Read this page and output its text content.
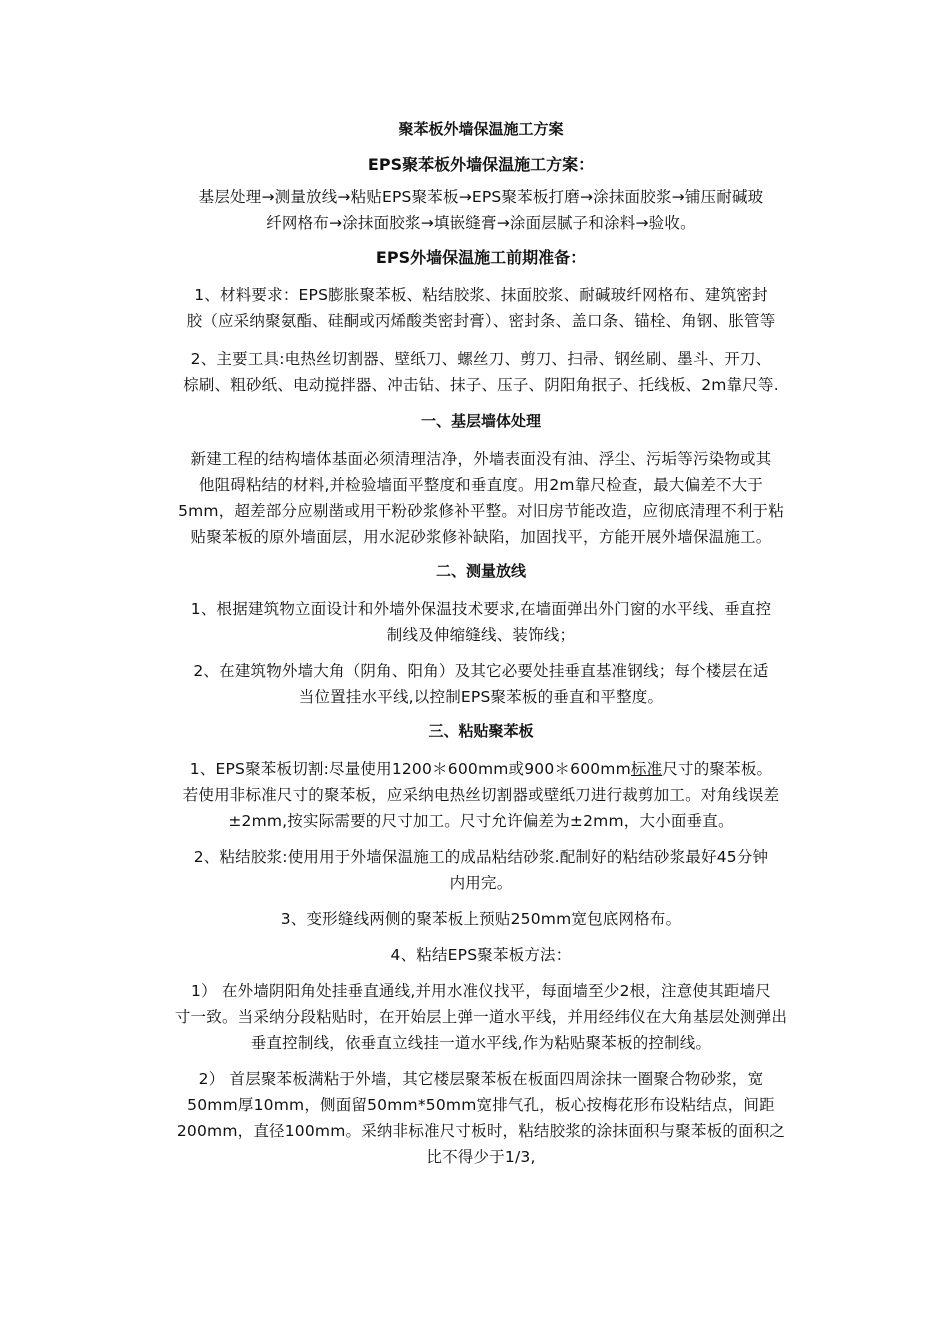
聚苯板外墙保温施工方案
EPS聚苯板外墙保温施工方案：
基层处理→测量放线→粘贴EPS聚苯板→EPS聚苯板打磨→涂抹面胶浆→铺压耐碱玻
纤网格布→涂抹面胶浆→填嵌缝膏→涂面层腻子和涂料→验收。
EPS外墙保温施工前期准备：
1、材料要求：EPS膨胀聚苯板、粘结胶浆、抹面胶浆、耐碱玻纤网格布、建筑密封
胶（应采纳聚氨酯、硅酮或丙烯酸类密封膏）、密封条、盖口条、锚栓、角钢、胀管等
2、主要工具:电热丝切割器、壁纸刀、螺丝刀、剪刀、扫帚、钢丝刷、墨斗、开刀、
棕刷、粗砂纸、电动搅拌器、冲击钻、抹子、压子、阴阳角抿子、托线板、2m靠尺等.
一、基层墙体处理
新建工程的结构墙体基面必须清理洁净，外墙表面没有油、浮尘、污垢等污染物或其
他阻碍粘结的材料,并检验墙面平整度和垂直度。用2m靠尺检查，最大偏差不大于
5mm，超差部分应剔凿或用干粉砂浆修补平整。对旧房节能改造，应彻底清理不利于粘
贴聚苯板的原外墙面层，用水泥砂浆修补缺陷，加固找平，方能开展外墙保温施工。
二、测量放线
1、根据建筑物立面设计和外墙外保温技术要求,在墙面弹出外门窗的水平线、垂直控
制线及伸缩缝线、装饰线；
2、在建筑物外墙大角（阴角、阳角）及其它必要处挂垂直基准钢线；每个楼层在适
当位置挂水平线,以控制EPS聚苯板的垂直和平整度。
三、粘贴聚苯板
1、EPS聚苯板切割:尽量使用1200＊600mm或900＊600mm标准尺寸的聚苯板。
若使用非标准尺寸的聚苯板，应采纳电热丝切割器或壁纸刀进行裁剪加工。对角线误差
±2mm,按实际需要的尺寸加工。尺寸允许偏差为±2mm，大小面垂直。
2、粘结胶浆:使用用于外墙保温施工的成品粘结砂浆.配制好的粘结砂浆最好45分钟
内用完。
3、变形缝线两侧的聚苯板上预贴250mm宽包底网格布。
4、粘结EPS聚苯板方法：
1） 在外墙阴阳角处挂垂直通线,并用水准仪找平，每面墙至少2根，注意使其距墙尺
寸一致。当采纳分段粘贴时，在开始层上弹一道水平线，并用经纬仪在大角基层处测弹出
垂直控制线，依垂直立线挂一道水平线,作为粘贴聚苯板的控制线。
2） 首层聚苯板满粘于外墙，其它楼层聚苯板在板面四周涂抹一圈聚合物砂浆，宽
50mm厚10mm，侧面留50mm*50mm宽排气孔，板心按梅花形布设粘结点，间距
200mm，直径100mm。采纳非标准尺寸板时，粘结胶浆的涂抹面积与聚苯板的面积之
比不得少于1/3,
